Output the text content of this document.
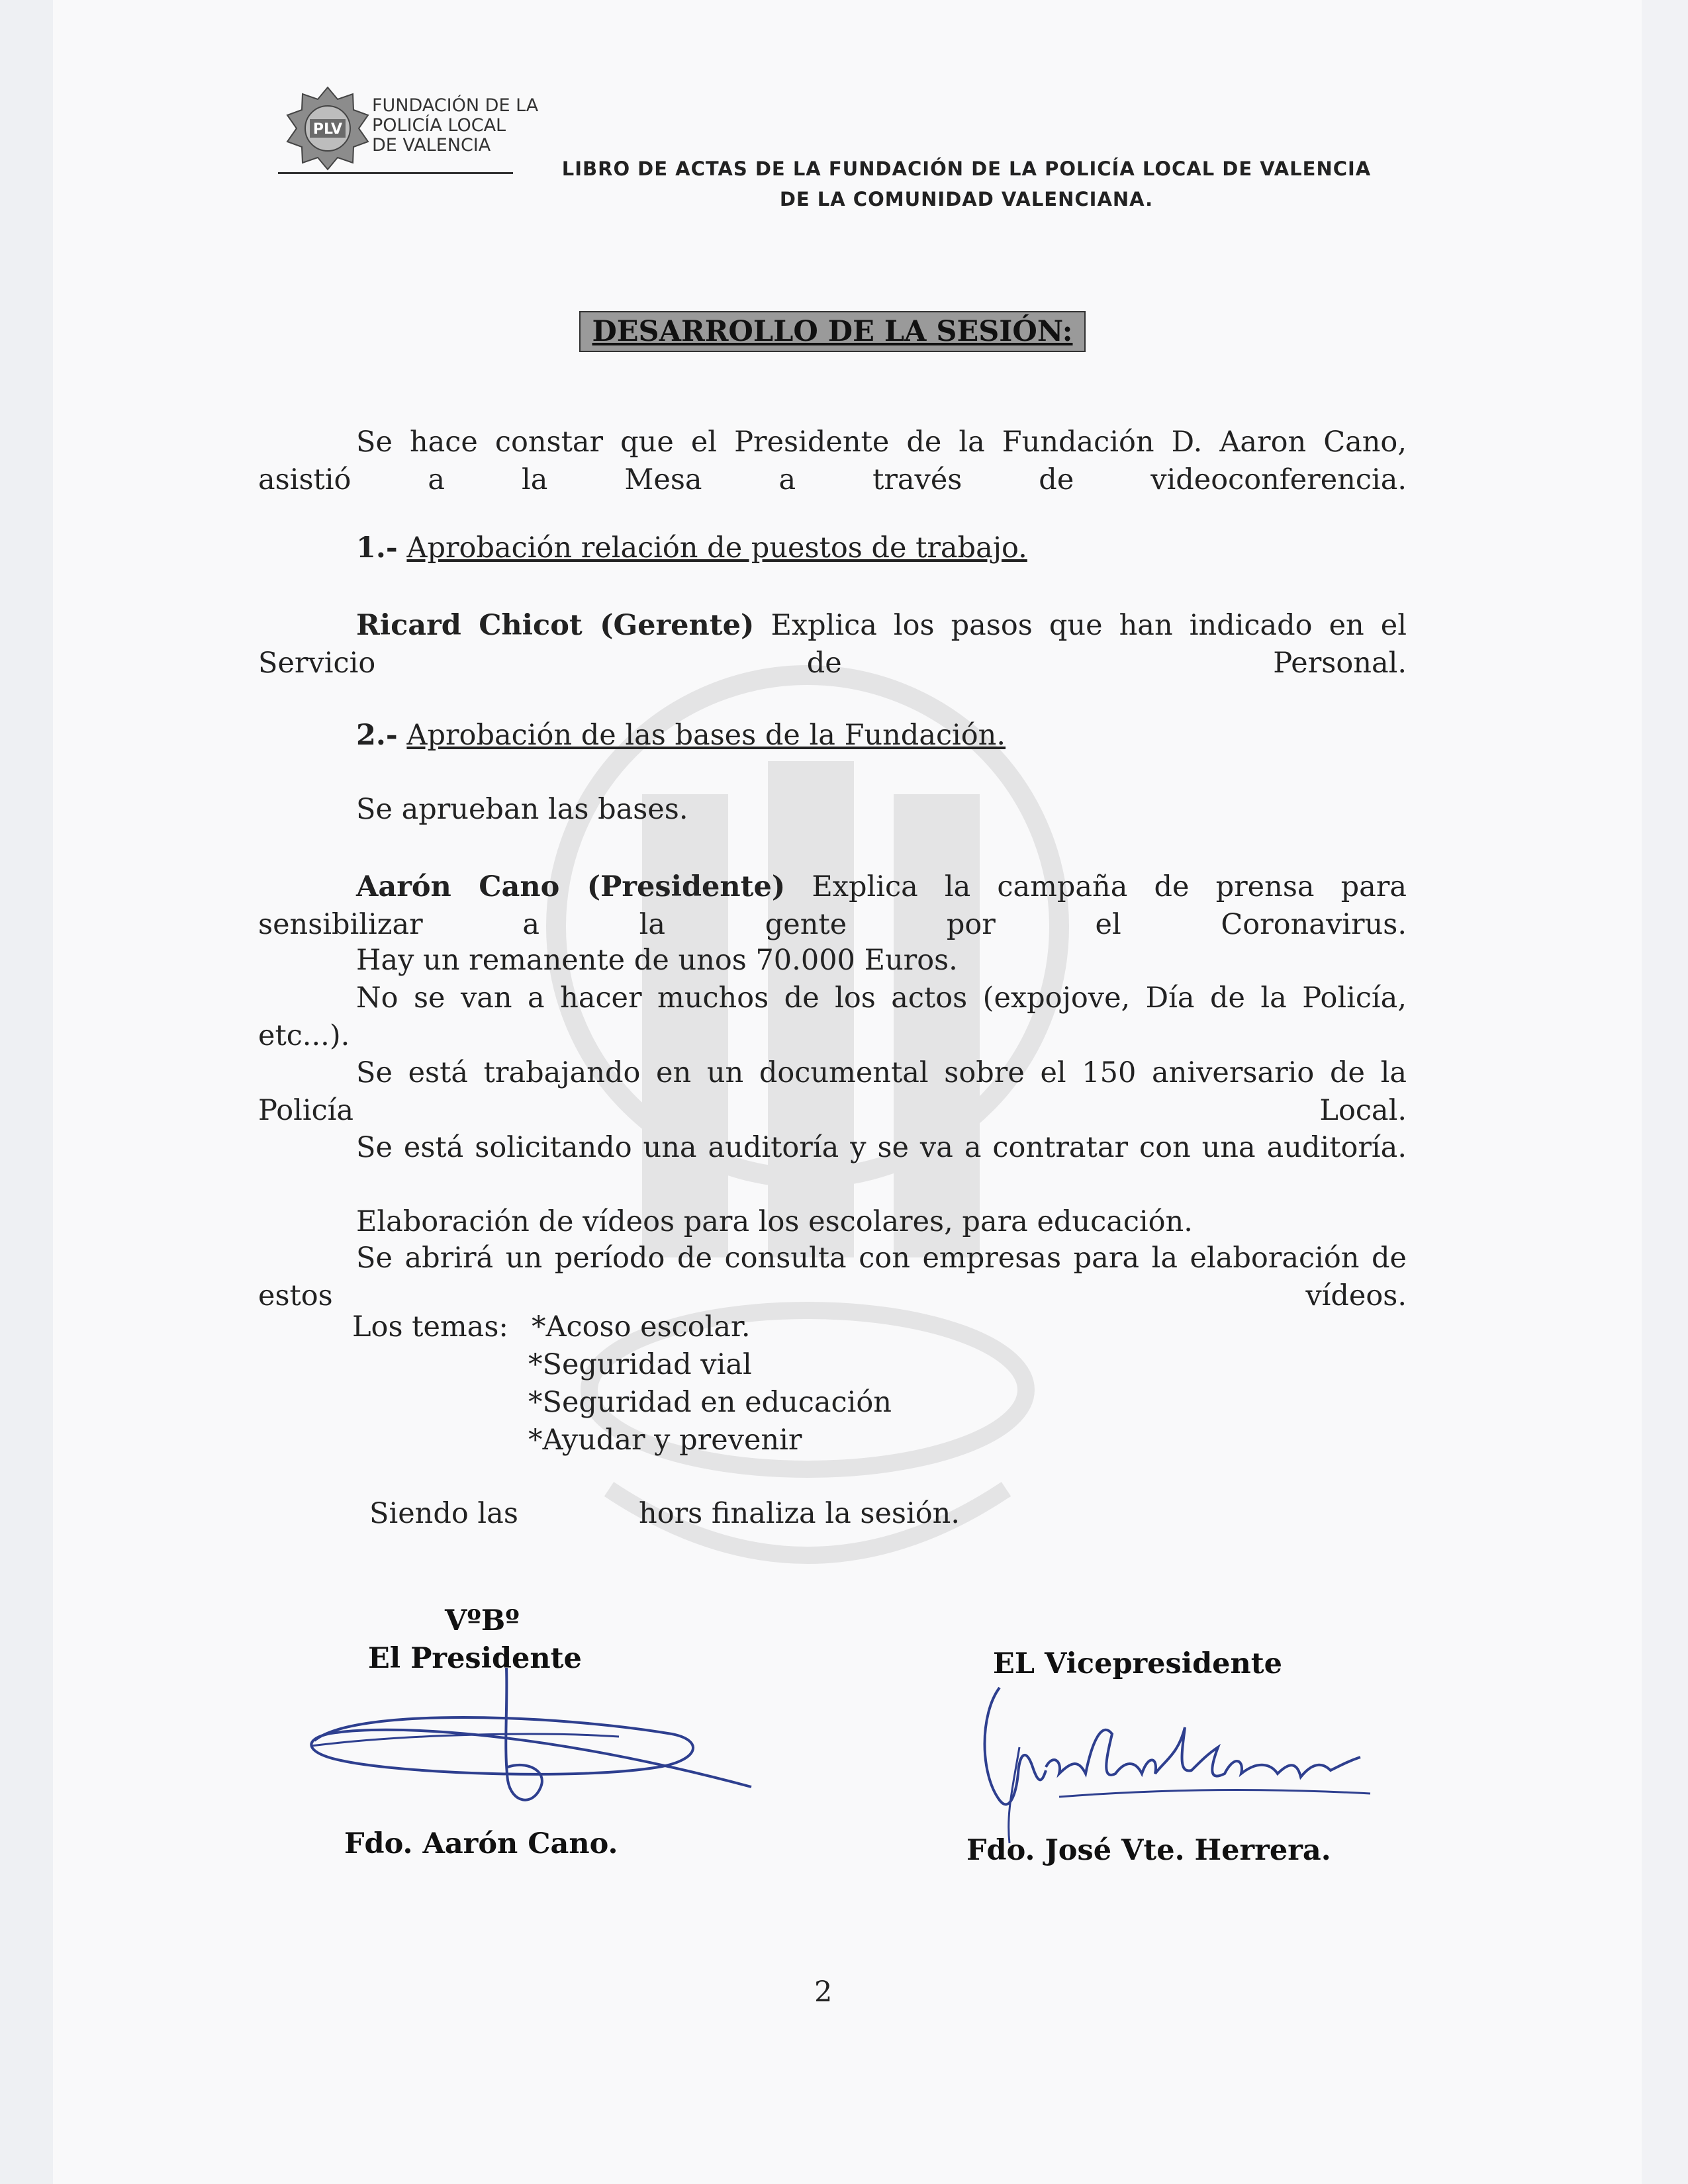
PLV
FUNDACIÓN DE LA
POLICÍA LOCAL
DE VALENCIA
LIBRO DE ACTAS DE LA FUNDACIÓN DE LA POLICÍA LOCAL DE VALENCIA
DE LA COMUNIDAD VALENCIANA.
DESARROLLO DE LA SESIÓN:
Se hace constar que el Presidente de la Fundación D. Aaron Cano, asistió a la Mesa a través de videoconferencia.
1.- Aprobación relación de puestos de trabajo.
Ricard Chicot (Gerente) Explica los pasos que han indicado en el Servicio de Personal.
2.- Aprobación de las bases de la Fundación.
Se aprueban las bases.
Aarón Cano (Presidente) Explica la campaña de prensa para sensibilizar a la gente por el Coronavirus.
Hay un remanente de unos 70.000 Euros.
No se van a hacer muchos de los actos (expojove, Día de la Policía, etc...).
Se está trabajando en un documental sobre el 150 aniversario de la Policía Local.
Se está solicitando una auditoría y se va a contratar con una auditoría.
Elaboración de vídeos para los escolares, para educación.
Se abrirá un período de consulta con empresas para la elaboración de estos vídeos.
Los temas: *Acoso escolar.
*Seguridad vial
*Seguridad en educación
*Ayudar y prevenir
Siendo las	hors finaliza la sesión.
VºBº
El Presidente	EL Vicepresidente
Fdo. Aarón Cano.	Fdo. José Vte. Herrera.
2
